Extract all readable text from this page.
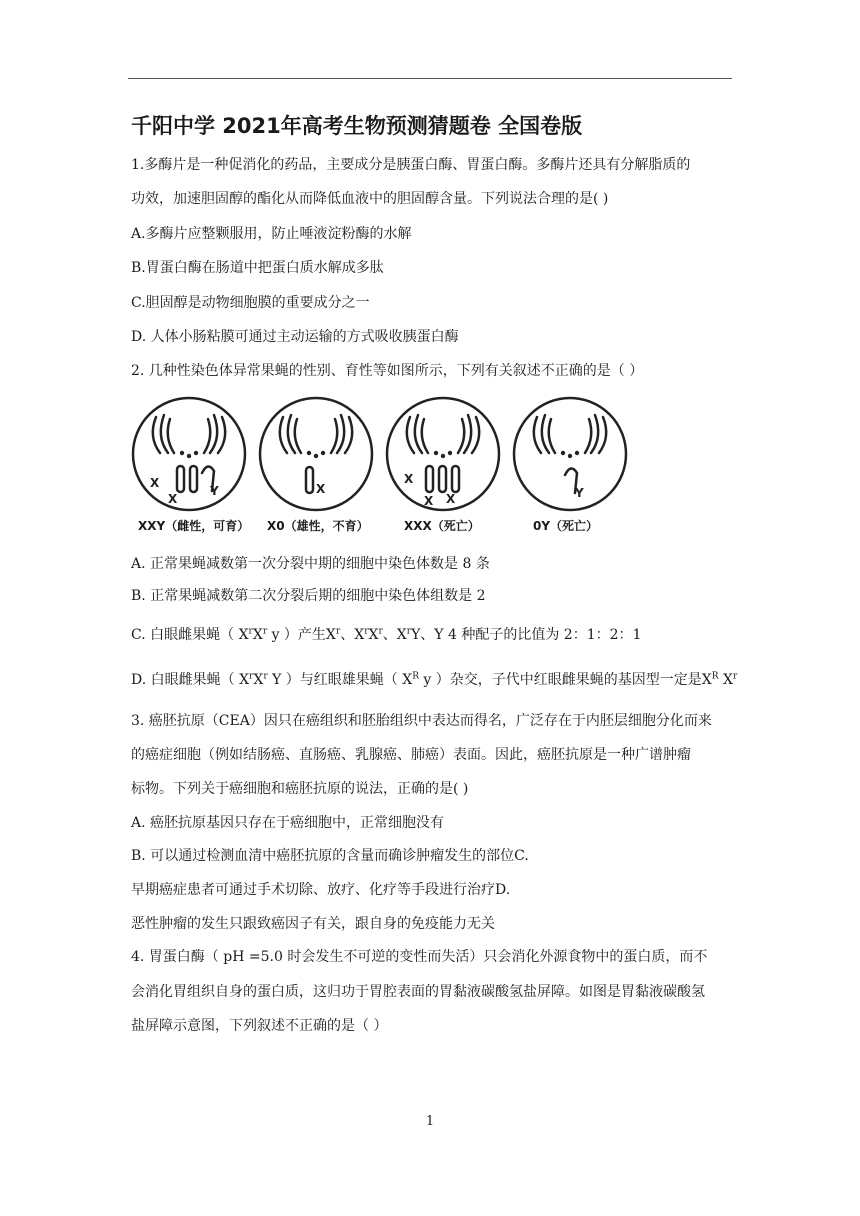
千阳中学 2021年高考生物预测猜题卷 全国卷版
1.多酶片是一种促消化的药品，主要成分是胰蛋白酶、胃蛋白酶。多酶片还具有分解脂质的
功效，加速胆固醇的酯化从而降低血液中的胆固醇含量。下列说法合理的是( )
A.多酶片应整颗服用，防止唾液淀粉酶的水解
B.胃蛋白酶在肠道中把蛋白质水解成多肽
C.胆固醇是动物细胞膜的重要成分之一
D. 人体小肠粘膜可通过主动运输的方式吸收胰蛋白酶
2. 几种性染色体异常果蝇的性别、育性等如图所示，下列有关叙述不正确的是（ ）
X
X
Y
XXY（雌性，可育）
X
X0（雄性，不育）
X
X X
XXX（死亡）
Y
0Y（死亡）
A. 正常果蝇减数第一次分裂中期的细胞中染色体数是 8 条
B. 正常果蝇减数第二次分裂后期的细胞中染色体组数是 2
C. 白眼雌果蝇（ $X^rX^r$ y ）产生$X^r$、$X^rX^r$、$X^rY$、Y 4 种配子的比值为 2：1：2：1
D. 白眼雌果蝇（ $X^rX^r$ Y ）与红眼雄果蝇（ $X^R$ y ）杂交，子代中红眼雌果蝇的基因型一定是$X^R$ $X^r$
3. 癌胚抗原（CEA）因只在癌组织和胚胎组织中表达而得名，广泛存在于内胚层细胞分化而来
的癌症细胞（例如结肠癌、直肠癌、乳腺癌、肺癌）表面。因此，癌胚抗原是一种广谱肿瘤
标物。下列关于癌细胞和癌胚抗原的说法，正确的是( )
A. 癌胚抗原基因只存在于癌细胞中，正常细胞没有
B. 可以通过检测血清中癌胚抗原的含量而确诊肿瘤发生的部位C.
早期癌症患者可通过手术切除、放疗、化疗等手段进行治疗D.
恶性肿瘤的发生只跟致癌因子有关，跟自身的免疫能力无关
4. 胃蛋白酶（ pH =5.0 时会发生不可逆的变性而失活）只会消化外源食物中的蛋白质，而不
会消化胃组织自身的蛋白质，这归功于胃腔表面的胃黏液碳酸氢盐屏障。如图是胃黏液碳酸氢
盐屏障示意图，下列叙述不正确的是（ ）
1
